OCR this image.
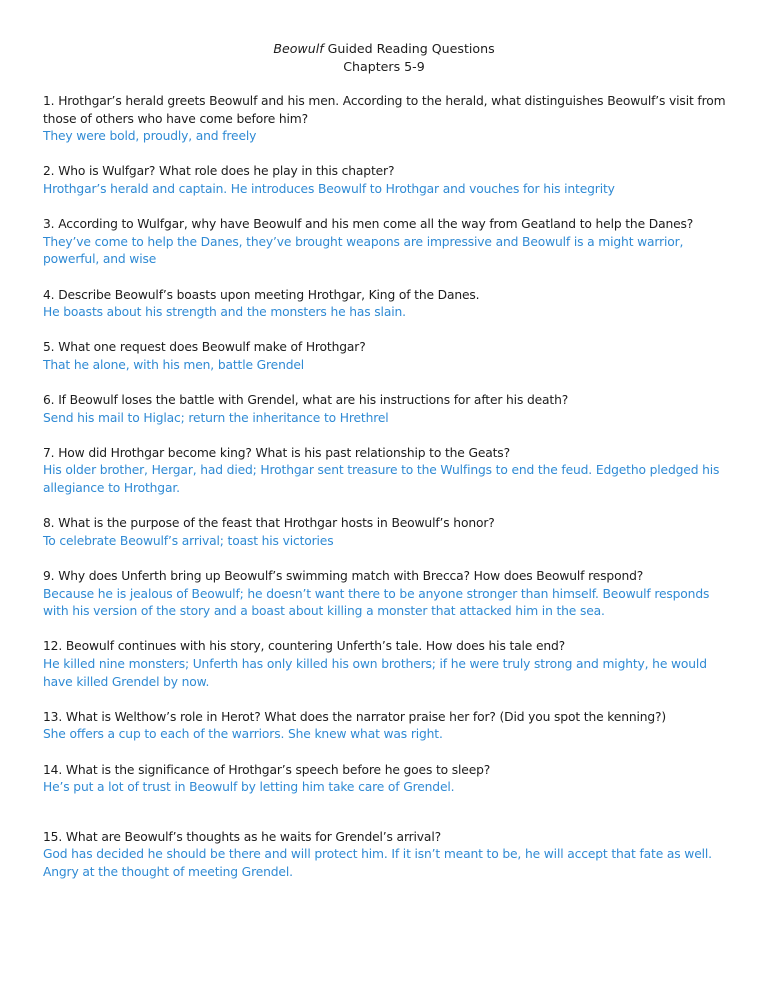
Beowulf Guided Reading Questions
Chapters 5-9
1. Hrothgar’s herald greets Beowulf and his men. According to the herald, what distinguishes Beowulf’s visit from those of others who have come before him?
They were bold, proudly, and freely
2. Who is Wulfgar? What role does he play in this chapter?
Hrothgar’s herald and captain. He introduces Beowulf to Hrothgar and vouches for his integrity
3. According to Wulfgar, why have Beowulf and his men come all the way from Geatland to help the Danes?
They’ve come to help the Danes, they’ve brought weapons are impressive and Beowulf is a might warrior, powerful, and wise
4. Describe Beowulf’s boasts upon meeting Hrothgar, King of the Danes.
He boasts about his strength and the monsters he has slain.
5. What one request does Beowulf make of Hrothgar?
That he alone, with his men, battle Grendel
6. If Beowulf loses the battle with Grendel, what are his instructions for after his death?
Send his mail to Higlac; return the inheritance to Hrethrel
7. How did Hrothgar become king? What is his past relationship to the Geats?
His older brother, Hergar, had died; Hrothgar sent treasure to the Wulfings to end the feud. Edgetho pledged his allegiance to Hrothgar.
8. What is the purpose of the feast that Hrothgar hosts in Beowulf’s honor?
To celebrate Beowulf’s arrival; toast his victories
9. Why does Unferth bring up Beowulf’s swimming match with Brecca? How does Beowulf respond?
Because he is jealous of Beowulf; he doesn’t want there to be anyone stronger than himself. Beowulf responds with his version of the story and a boast about killing a monster that attacked him in the sea.
12. Beowulf continues with his story, countering Unferth’s tale. How does his tale end?
He killed nine monsters; Unferth has only killed his own brothers; if he were truly strong and mighty, he would have killed Grendel by now.
13. What is Welthow’s role in Herot? What does the narrator praise her for? (Did you spot the kenning?)
She offers a cup to each of the warriors. She knew what was right.
14. What is the significance of Hrothgar’s speech before he goes to sleep?
He’s put a lot of trust in Beowulf by letting him take care of Grendel.
15. What are Beowulf’s thoughts as he waits for Grendel’s arrival?
God has decided he should be there and will protect him. If it isn’t meant to be, he will accept that fate as well. Angry at the thought of meeting Grendel.
